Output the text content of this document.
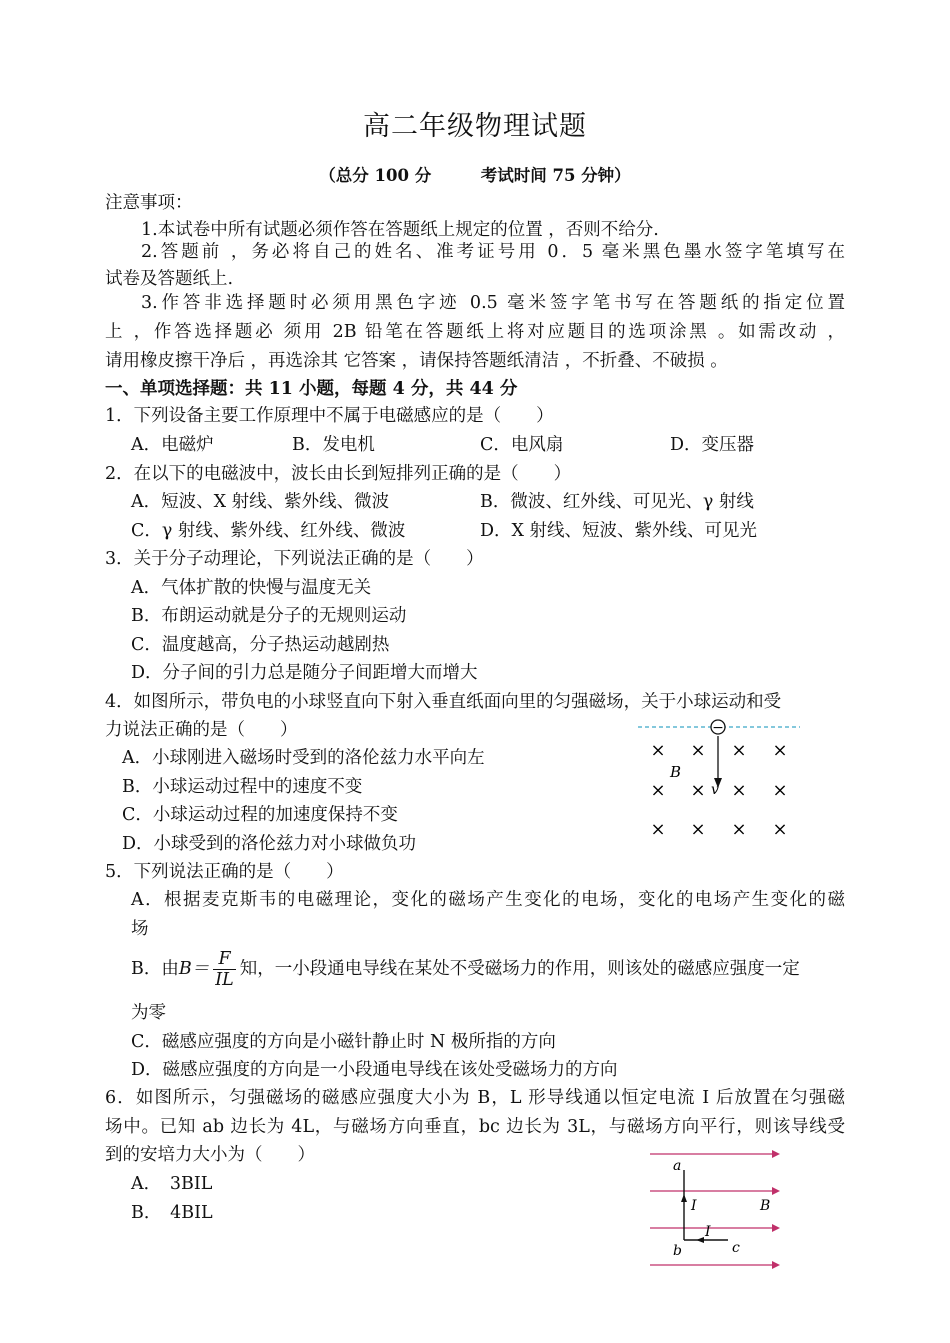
高二年级物理试题
（总分 100 分　　　考试时间 75 分钟）
注意事项：
1.本试卷中所有试题必须作答在答题纸上规定的位置 ，否则不给分.
2.答题前 ，务必将自己的姓名、准考证号用 0．5 毫米黑色墨水签字笔填写在
试卷及答题纸上.
3.作答非选择题时必须用黑色字迹 0.5 毫米签字笔书写在答题纸的指定位置
上 ，作答选择题必 须用 2B 铅笔在答题纸上将对应题目的选项涂黑 。如需改动 ，
请用橡皮擦干净后 ，再选涂其 它答案 ，请保持答题纸清洁 ，不折叠、不破损 。
一、单项选择题：共 11 小题，每题 4 分，共 44 分
1．下列设备主要工作原理中不属于电磁感应的是（　　）
A．电磁炉	B．发电机	C．电风扇	D．变压器
2．在以下的电磁波中，波长由长到短排列正确的是（　　）
A．短波、X 射线、紫外线、微波	B．微波、红外线、可见光、γ 射线
C．γ 射线、紫外线、红外线、微波	D．X 射线、短波、紫外线、可见光
3．关于分子动理论，下列说法正确的是（　　）
A．气体扩散的快慢与温度无关
B．布朗运动就是分子的无规则运动
C．温度越高，分子热运动越剧热
D．分子间的引力总是随分子间距增大而增大
4．如图所示，带负电的小球竖直向下射入垂直纸面向里的匀强磁场，关于小球运动和受
力说法正确的是（　　）
A．小球刚进入磁场时受到的洛伦兹力水平向左
B．小球运动过程中的速度不变
C．小球运动过程的加速度保持不变
D．小球受到的洛伦兹力对小球做负功
−
v
B
× × × ×
× × × ×
× × × ×
5．下列说法正确的是（　　）
A．根据麦克斯韦的电磁理论，变化的磁场产生变化的电场，变化的电场产生变化的磁
场
B．由$B= \frac{F}{IL}$ 知，一小段通电导线在某处不受磁场力的作用，则该处的磁感应强度一定
为零
C．磁感应强度的方向是小磁针静止时 N 极所指的方向
D．磁感应强度的方向是一小段通电导线在该处受磁场力的方向
6．如图所示，匀强磁场的磁感应强度大小为 B，L 形导线通以恒定电流 I 后放置在匀强磁
场中。已知 ab 边长为 4L，与磁场方向垂直，bc 边长为 3L，与磁场方向平行，则该导线受
到的安培力大小为（　　）
A．　3BIL
B．　4BIL
a
b	c
I
I
B
